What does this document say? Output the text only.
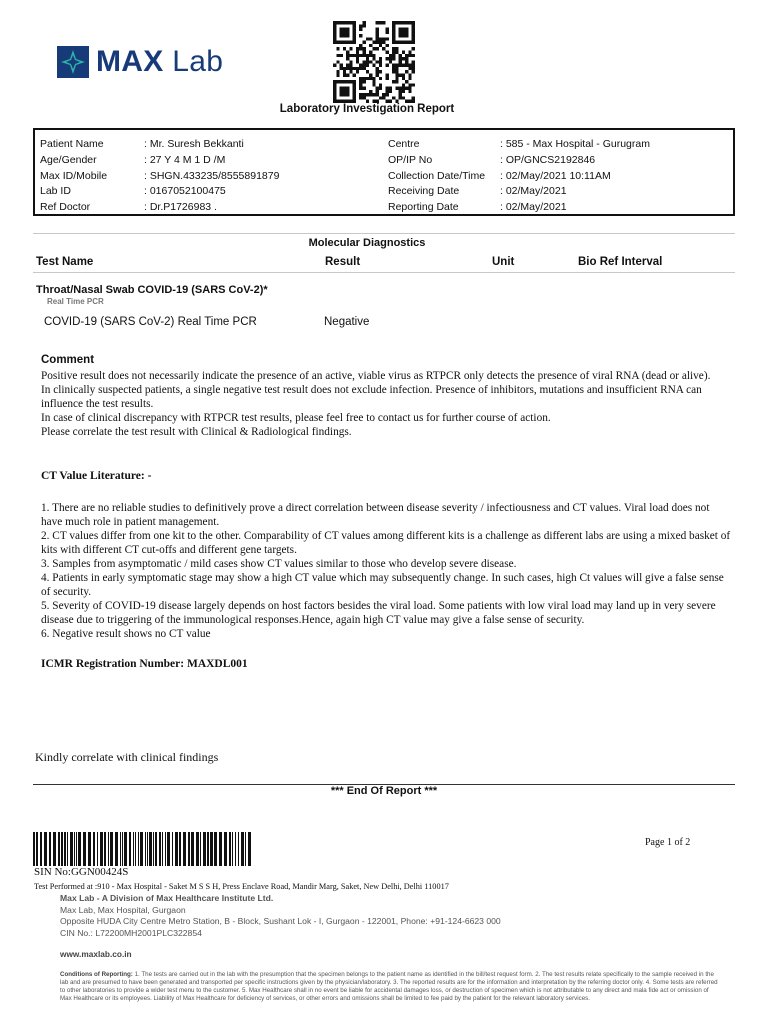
MAX Lab
Laboratory Investigation Report
Patient Name	: Mr. Suresh Bekkanti
Age/Gender	: 27 Y 4 M 1 D /M
Max ID/Mobile	: SHGN.433235/8555891879
Lab ID	: 0167052100475
Ref Doctor	: Dr.P1726983 .
Centre	: 585 - Max Hospital - Gurugram
OP/IP No	: OP/GNCS2192846
Collection Date/Time	: 02/May/2021 10:11AM
Receiving Date	: 02/May/2021
Reporting Date	: 02/May/2021
Molecular Diagnostics
Test Name	Result	Unit	Bio Ref Interval
Throat/Nasal Swab COVID-19 (SARS CoV-2)*
Real Time PCR
COVID-19 (SARS CoV-2) Real Time PCR	Negative
Comment
Positive result does not necessarily indicate the presence of an active, viable virus as RTPCR only detects the presence of viral RNA (dead or alive).
In clinically suspected patients, a single negative test result does not exclude infection. Presence of inhibitors, mutations and insufficient RNA can influence the test results.
In case of clinical discrepancy with RTPCR test results, please feel free to contact us for further course of action.
Please correlate the test result with Clinical & Radiological findings.
CT Value Literature: -
1. There are no reliable studies to definitively prove a direct correlation between disease severity / infectiousness and CT values. Viral load does not have much role in patient management.
2. CT values differ from one kit to the other. Comparability of CT values among different kits is a challenge as different labs are using a mixed basket of kits with different CT cut-offs and different gene targets.
3. Samples from asymptomatic / mild cases show CT values similar to those who develop severe disease.
4. Patients in early symptomatic stage may show a high CT value which may subsequently change. In such cases, high Ct values will give a false sense of security.
5. Severity of COVID-19 disease largely depends on host factors besides the viral load. Some patients with low viral load may land up in very severe disease due to triggering of the immunological responses.Hence, again high CT value may give a false sense of security.
6. Negative result shows no CT value
ICMR Registration Number: MAXDL001
Kindly correlate with clinical findings
*** End Of Report ***
SIN No:GGN00424S
Page 1 of 2
Test Performed at :910 - Max Hospital - Saket M S S H, Press Enclave Road, Mandir Marg, Saket, New Delhi, Delhi 110017
Max Lab - A Division of Max Healthcare Institute Ltd.
Max Lab, Max Hospital, Gurgaon
Opposite HUDA City Centre Metro Station, B - Block, Sushant Lok - I, Gurgaon - 122001, Phone: +91-124-6623 000
CIN No.: L72200MH2001PLC322854
www.maxlab.co.in
Conditions of Reporting: 1. The tests are carried out in the lab with the presumption that the specimen belongs to the patient name as identified in the bill/test request form. 2. The test results relate specifically to the sample received in the lab and are presumed to have been generated and transported per specific instructions given by the physician/laboratory. 3. The reported results are for the information and interpretation by the referring doctor only. 4. Some tests are referred to other laboratories to provide a wider test menu to the customer. 5. Max Healthcare shall in no event be liable for accidental damages loss, or destruction of specimen which is not attributable to any direct and mala fide act or omission of Max Healthcare or its employees. Liability of Max Healthcare for deficiency of services, or other errors and omissions shall be limited to fee paid by the patient for the relevant laboratory services.
